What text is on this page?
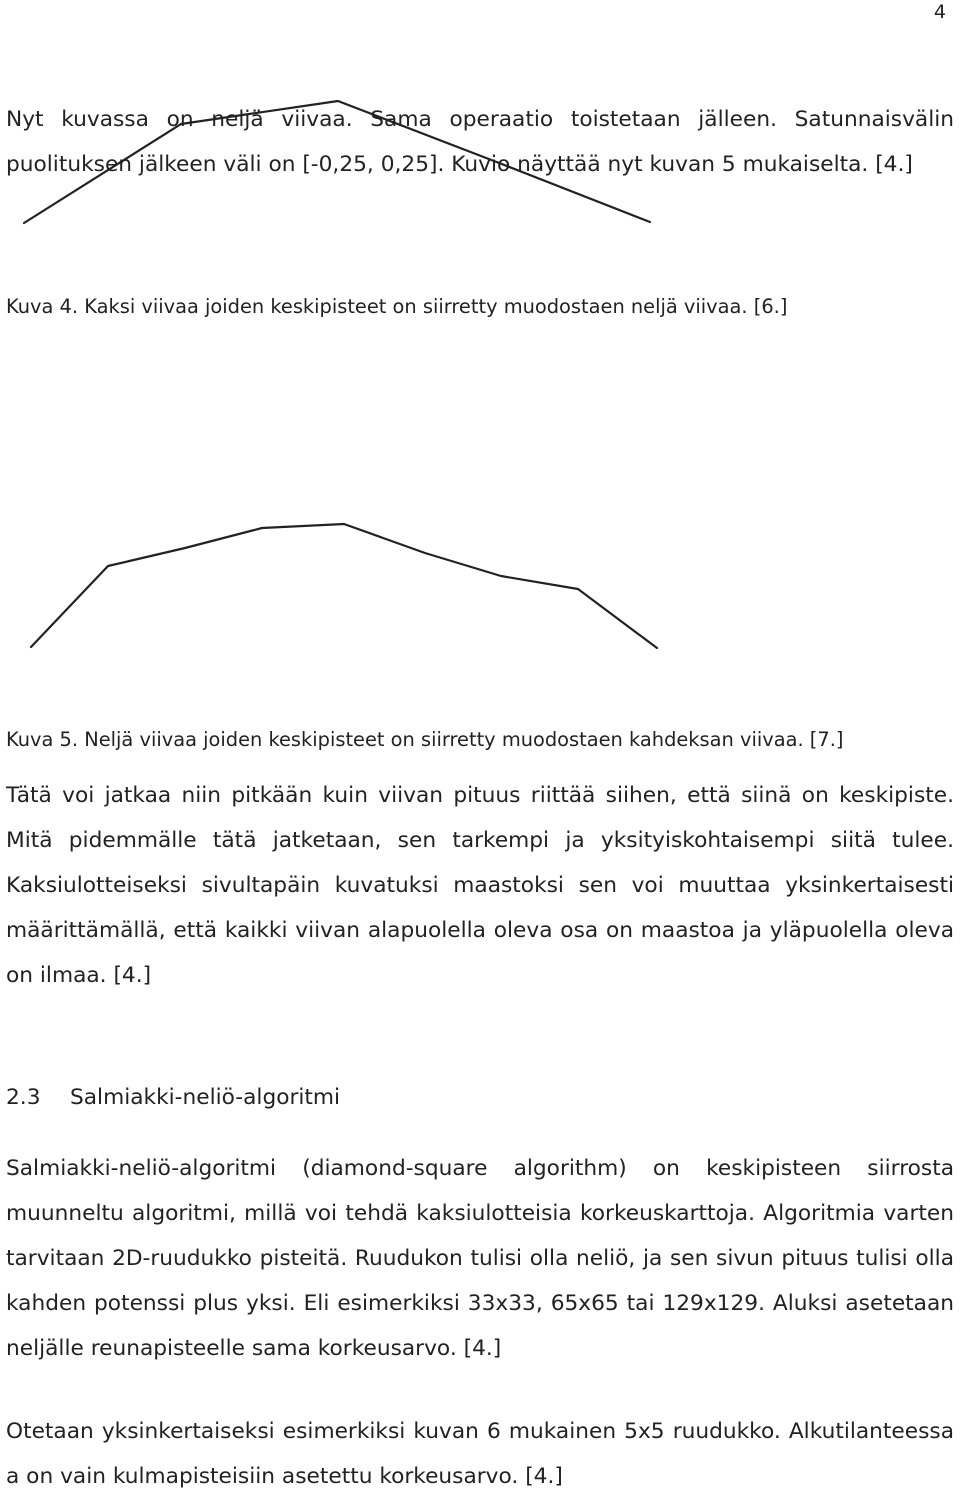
4
Kuva 4. Kaksi viivaa joiden keskipisteet on siirretty muodostaen neljä viivaa. [6.]
Nyt kuvassa on neljä viivaa. Sama operaatio toistetaan jälleen. Satunnaisvälin puolituksen jälkeen väli on [-0,25, 0,25]. Kuvio näyttää nyt kuvan 5 mukaiselta. [4.]
Kuva 5. Neljä viivaa joiden keskipisteet on siirretty muodostaen kahdeksan viivaa. [7.]
Tätä voi jatkaa niin pitkään kuin viivan pituus riittää siihen, että siinä on keskipiste. Mitä pidemmälle tätä jatketaan, sen tarkempi ja yksityiskohtaisempi siitä tulee. Kaksiulotteiseksi sivultapäin kuvatuksi maastoksi sen voi muuttaa yksinkertaisesti määrittämällä, että kaikki viivan alapuolella oleva osa on maastoa ja yläpuolella oleva on ilmaa. [4.]
2.3 Salmiakki-neliö-algoritmi
Salmiakki-neliö-algoritmi (diamond-square algorithm) on keskipisteen siirrosta muunneltu algoritmi, millä voi tehdä kaksiulotteisia korkeuskarttoja. Algoritmia varten tarvitaan 2D-ruudukko pisteitä. Ruudukon tulisi olla neliö, ja sen sivun pituus tulisi olla kahden potenssi plus yksi. Eli esimerkiksi 33x33, 65x65 tai 129x129. Aluksi asetetaan neljälle reunapisteelle sama korkeusarvo. [4.]
Otetaan yksinkertaiseksi esimerkiksi kuvan 6 mukainen 5x5 ruudukko. Alkutilanteessa a on vain kulmapisteisiin asetettu korkeusarvo. [4.]
